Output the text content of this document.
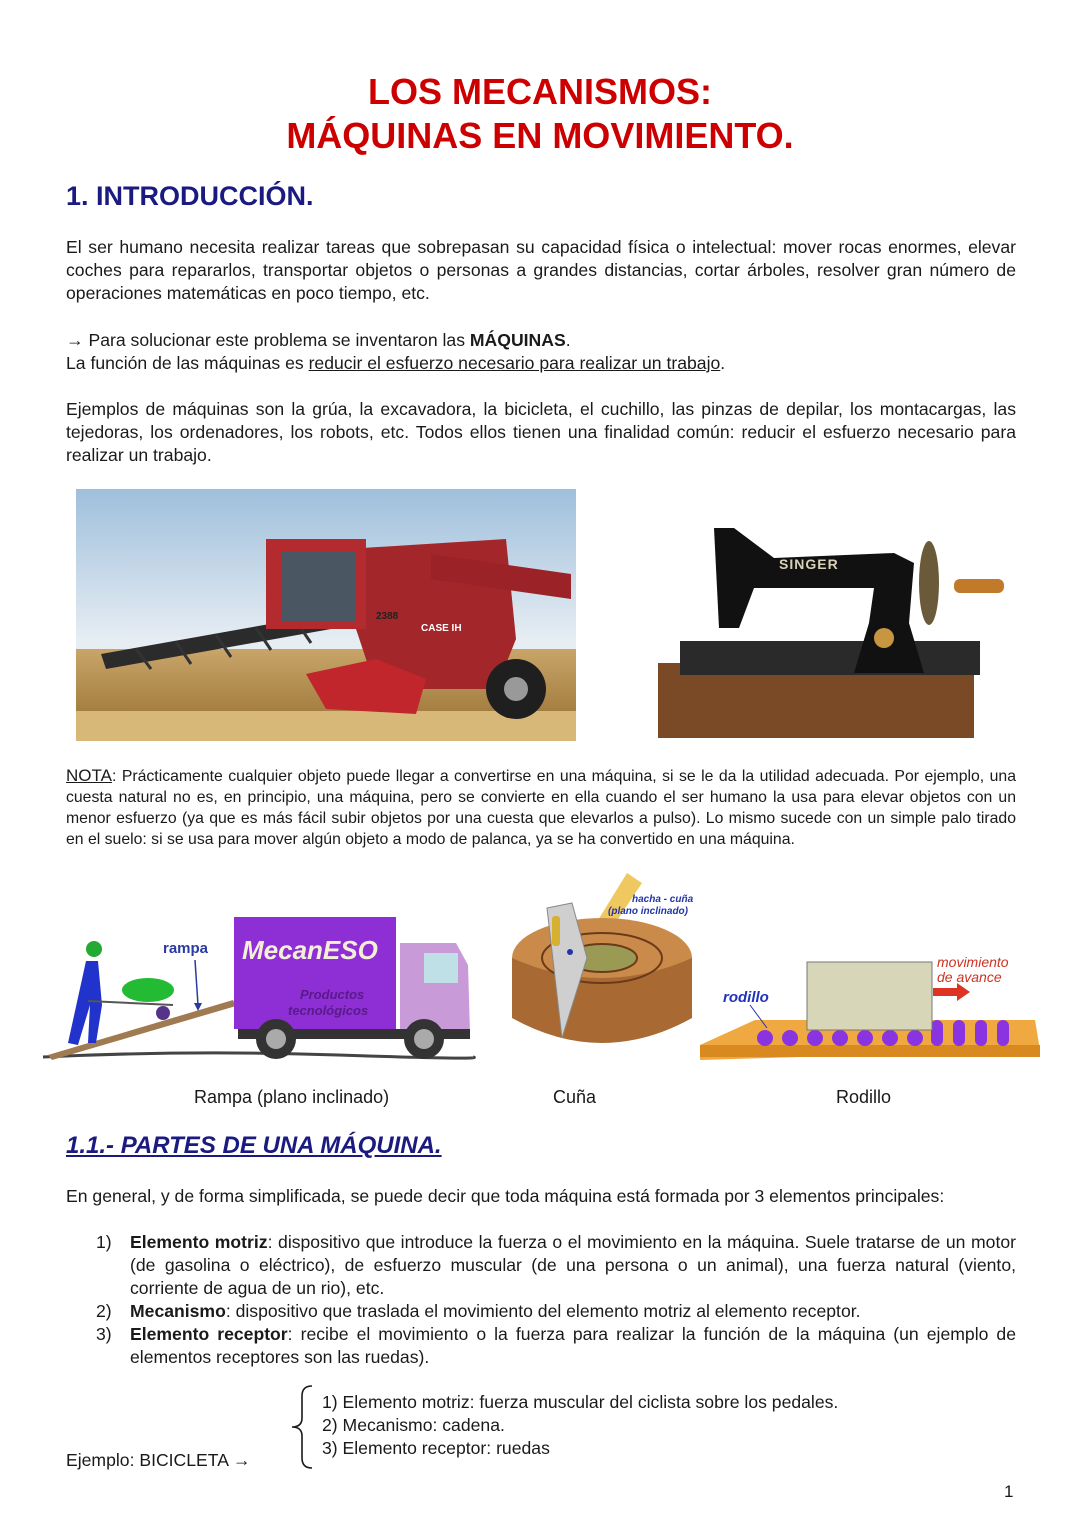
LOS MECANISMOS:
MÁQUINAS EN MOVIMIENTO.
1. INTRODUCCIÓN.
El ser humano necesita realizar tareas que sobrepasan su capacidad física o intelectual: mover rocas enormes, elevar coches para repararlos, transportar objetos o personas a grandes distancias, cortar árboles, resolver gran número de operaciones matemáticas en poco tiempo, etc.
→ Para solucionar este problema se inventaron las MÁQUINAS.
La función de las máquinas es reducir el esfuerzo necesario para realizar un trabajo.
Ejemplos de máquinas son la grúa, la excavadora, la bicicleta, el cuchillo, las pinzas de depilar, los montacargas, las tejedoras, los ordenadores, los robots, etc. Todos ellos tienen una finalidad común: reducir el esfuerzo necesario para realizar un trabajo.
CASE IH
2388
SINGER
NOTA: Prácticamente cualquier objeto puede llegar a convertirse en una máquina, si se le da la utilidad adecuada. Por ejemplo, una cuesta natural no es, en principio, una máquina, pero se convierte en ella cuando el ser humano la usa para elevar objetos con un menor esfuerzo (ya que es más fácil subir objetos por una cuesta que elevarlos a pulso). Lo mismo sucede con un simple palo tirado en el suelo: si se usa para mover algún objeto a modo de palanca, ya se ha convertido en una máquina.
rampa MecanESO
Productos
tecnológicos
hacha - cuña
(plano inclinado)
rodillo
movimiento
de avance
Rampa (plano inclinado)	Cuña	Rodillo
1.1.- PARTES DE UNA MÁQUINA.
En general, y de forma simplificada, se puede decir que toda máquina está formada por 3 elementos principales:
1)	Elemento motriz: dispositivo que introduce la fuerza o el movimiento en la máquina. Suele tratarse de un motor (de gasolina o eléctrico), de esfuerzo muscular (de una persona o un animal), una fuerza natural (viento, corriente de agua de un rio), etc.
2)	Mecanismo: dispositivo que traslada el movimiento del elemento motriz al elemento receptor.
3)	Elemento receptor: recibe el movimiento o la fuerza para realizar la función de la máquina (un ejemplo de elementos receptores son las ruedas).
Ejemplo: BICICLETA →
1) Elemento motriz: fuerza muscular del ciclista sobre los pedales.
2) Mecanismo: cadena.
3) Elemento receptor: ruedas
1
